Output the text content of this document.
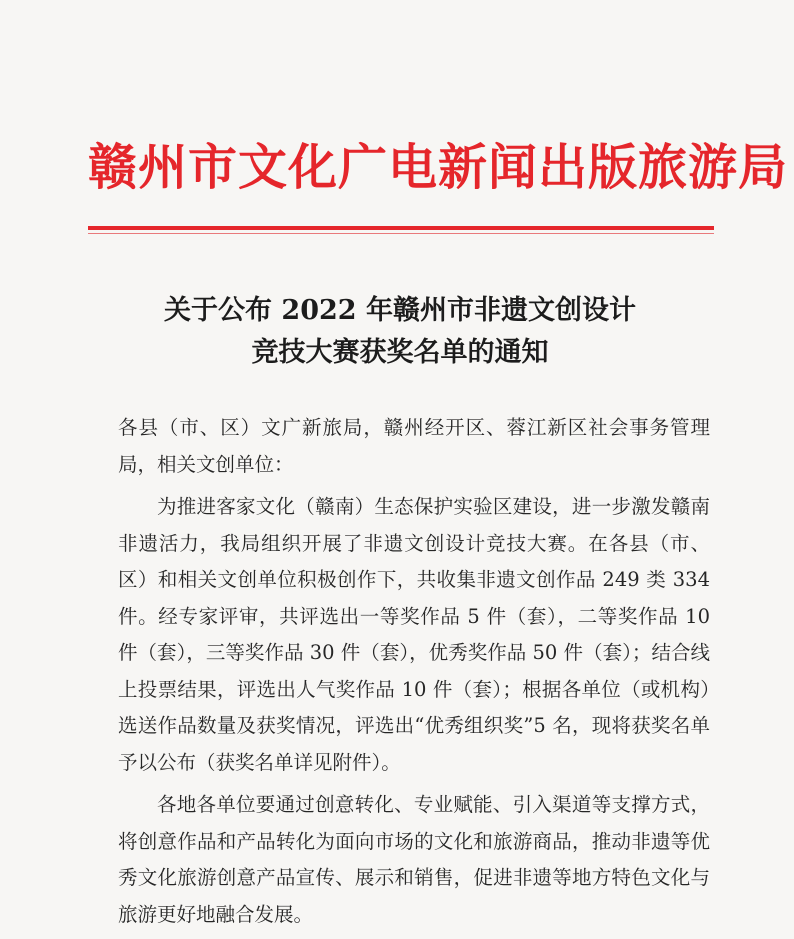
赣州市文化广电新闻出版旅游局
关于公布 2022 年赣州市非遗文创设计
竞技大赛获奖名单的通知

各县（市、区）文广新旅局，赣州经开区、蓉江新区社会事务管理局，相关文创单位：

为推进客家文化（赣南）生态保护实验区建设，进一步激发赣南非遗活力，我局组织开展了非遗文创设计竞技大赛。在各县（市、区）和相关文创单位积极创作下，共收集非遗文创作品 249 类 334 件。经专家评审，共评选出一等奖作品 5 件（套），二等奖作品 10 件（套），三等奖作品 30 件（套），优秀奖作品 50 件（套）；结合线上投票结果，评选出人气奖作品 10 件（套）；根据各单位（或机构）选送作品数量及获奖情况，评选出“优秀组织奖”5 名，现将获奖名单予以公布（获奖名单详见附件）。

各地各单位要通过创意转化、专业赋能、引入渠道等支撑方式，将创意作品和产品转化为面向市场的文化和旅游商品，推动非遗等优秀文化旅游创意产品宣传、展示和销售，促进非遗等地方特色文化与旅游更好地融合发展。
